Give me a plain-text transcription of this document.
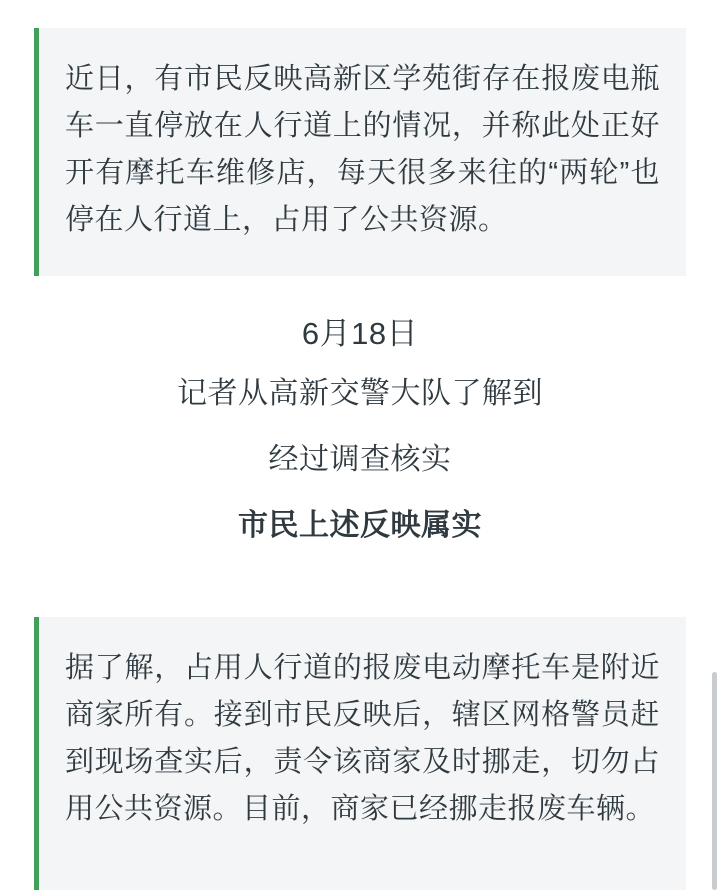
近日，有市民反映高新区学苑街存在报废电瓶车一直停放在人行道上的情况，并称此处正好开有摩托车维修店，每天很多来往的“两轮”也停在人行道上，占用了公共资源。
6月18日
记者从高新交警大队了解到
经过调查核实
市民上述反映属实
据了解，占用人行道的报废电动摩托车是附近商家所有。接到市民反映后，辖区网格警员赶到现场查实后，责令该商家及时挪走，切勿占用公共资源。目前，商家已经挪走报废车辆。
